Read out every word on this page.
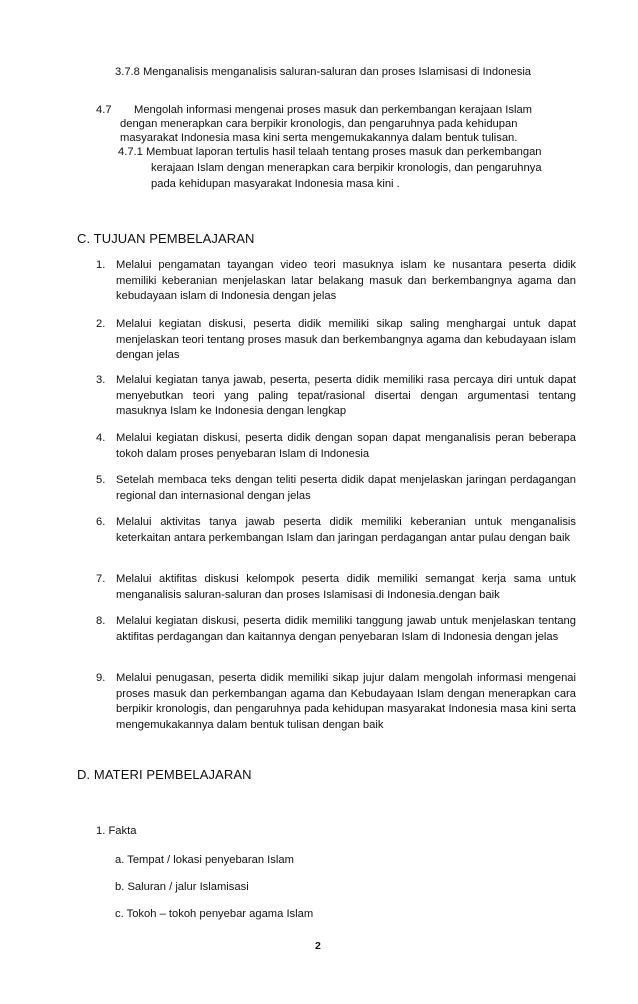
3.7.8 Menganalisis menganalisis saluran-saluran dan proses Islamisasi di Indonesia
4.7 Mengolah informasi mengenai proses masuk dan perkembangan kerajaan Islam
dengan menerapkan cara berpikir kronologis, dan pengaruhnya pada kehidupan
masyarakat Indonesia masa kini serta mengemukakannya dalam bentuk tulisan.
4.7.1 Membuat laporan tertulis hasil telaah tentang proses masuk dan perkembangan
kerajaan Islam dengan menerapkan cara berpikir kronologis, dan pengaruhnya
pada kehidupan masyarakat Indonesia masa kini .
C. TUJUAN PEMBELAJARAN
1. Melalui pengamatan tayangan video teori masuknya islam ke nusantara peserta didik memiliki keberanian menjelaskan latar belakang masuk dan berkembangnya agama dan kebudayaan islam di Indonesia dengan jelas
2. Melalui kegiatan diskusi, peserta didik memiliki sikap saling menghargai untuk dapat menjelaskan teori tentang proses masuk dan berkembangnya agama dan kebudayaan islam dengan jelas
3. Melalui kegiatan tanya jawab, peserta, peserta didik memiliki rasa percaya diri untuk dapat menyebutkan teori yang paling tepat/rasional disertai dengan argumentasi tentang masuknya Islam ke Indonesia dengan lengkap
4. Melalui kegiatan diskusi, peserta didik dengan sopan dapat menganalisis peran beberapa tokoh dalam proses penyebaran Islam di Indonesia
5. Setelah membaca teks dengan teliti peserta didik dapat menjelaskan jaringan perdagangan regional dan internasional dengan jelas
6. Melalui aktivitas tanya jawab peserta didik memiliki keberanian untuk menganalisis keterkaitan antara perkembangan Islam dan jaringan perdagangan antar pulau dengan baik
7. Melalui aktifitas diskusi kelompok peserta didik memiliki semangat kerja sama untuk menganalisis saluran-saluran dan proses Islamisasi di Indonesia.dengan baik
8. Melalui kegiatan diskusi, peserta didik memiliki tanggung jawab untuk menjelaskan tentang aktifitas perdagangan dan kaitannya dengan penyebaran Islam di Indonesia dengan jelas
9. Melalui penugasan, peserta didik memiliki sikap jujur dalam mengolah informasi mengenai proses masuk dan perkembangan agama dan Kebudayaan Islam dengan menerapkan cara berpikir kronologis, dan pengaruhnya pada kehidupan masyarakat Indonesia masa kini serta mengemukakannya dalam bentuk tulisan dengan baik
D. MATERI PEMBELAJARAN
1. Fakta
a. Tempat / lokasi penyebaran Islam
b. Saluran / jalur Islamisasi
c. Tokoh – tokoh penyebar agama Islam
2
